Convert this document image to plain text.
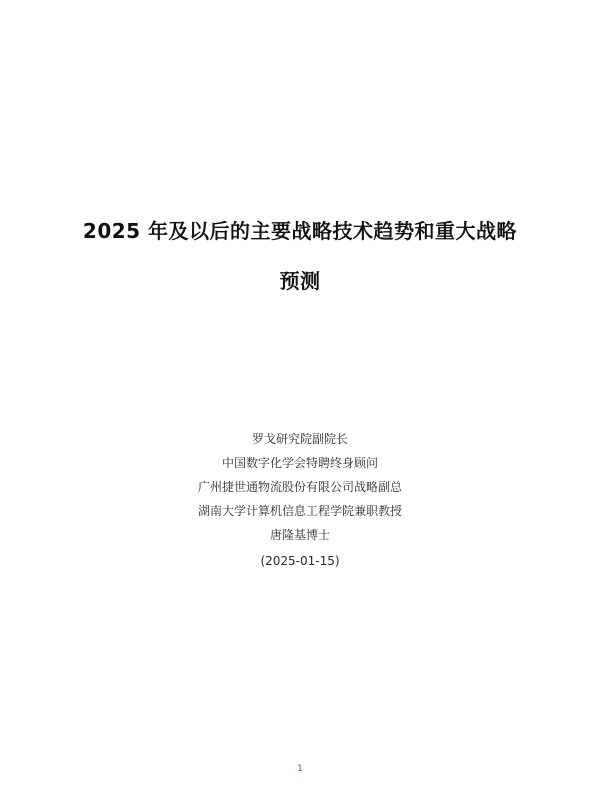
2025 年及以后的主要战略技术趋势和重大战略
预测

罗戈研究院副院长

中国数字化学会特聘终身顾问

广州捷世通物流股份有限公司战略副总

湖南大学计算机信息工程学院兼职教授

唐隆基博士

(2025-01-15)

1
